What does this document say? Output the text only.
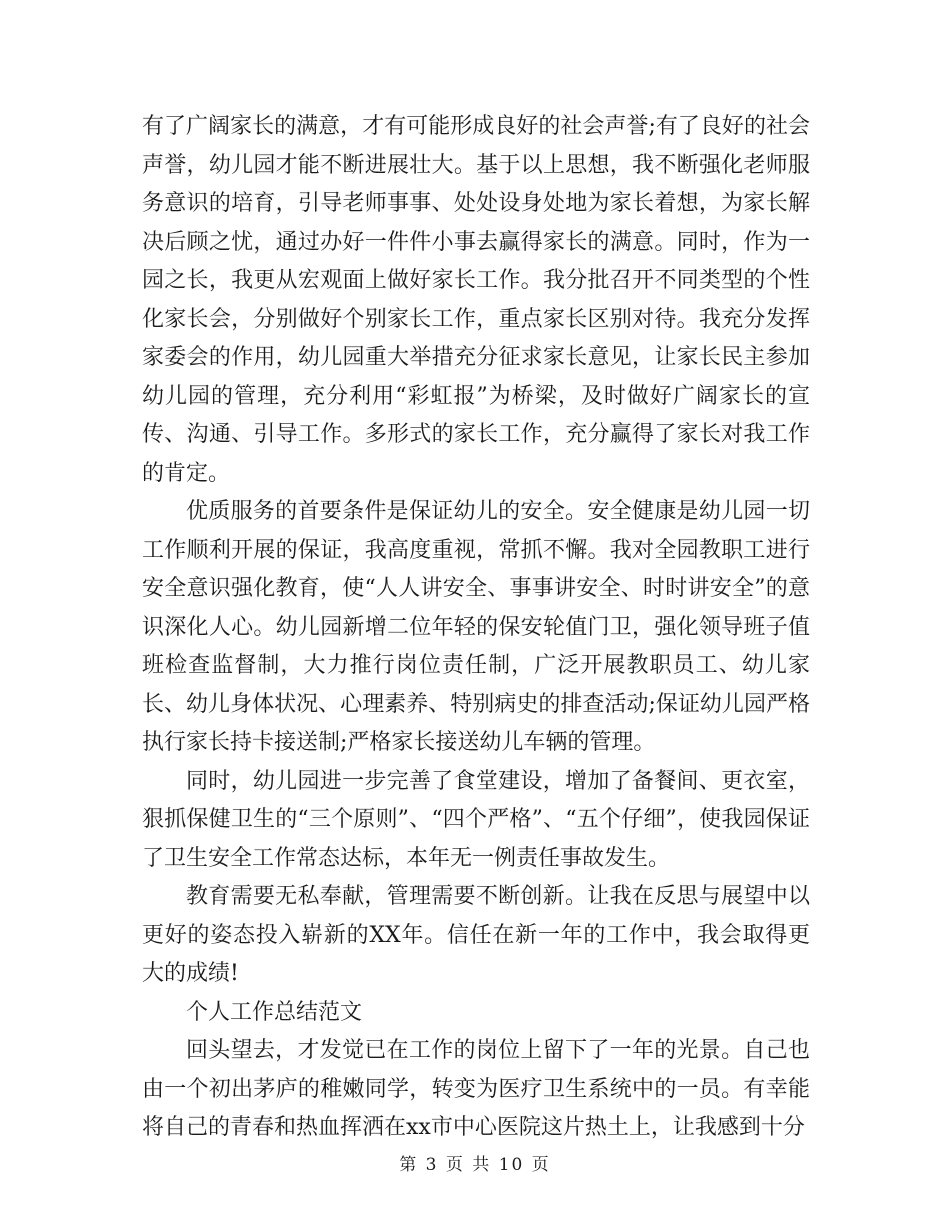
有了广阔家长的满意，才有可能形成良好的社会声誉;有了良好的社会声誉，幼儿园才能不断进展壮大。基于以上思想，我不断强化老师服务意识的培育，引导老师事事、处处设身处地为家长着想，为家长解决后顾之忧，通过办好一件件小事去赢得家长的满意。同时，作为一园之长，我更从宏观面上做好家长工作。我分批召开不同类型的个性化家长会，分别做好个别家长工作，重点家长区别对待。我充分发挥家委会的作用，幼儿园重大举措充分征求家长意见，让家长民主参加幼儿园的管理，充分利用“彩虹报”为桥梁，及时做好广阔家长的宣传、沟通、引导工作。多形式的家长工作，充分赢得了家长对我工作的肯定。

优质服务的首要条件是保证幼儿的安全。安全健康是幼儿园一切工作顺利开展的保证，我高度重视，常抓不懈。我对全园教职工进行安全意识强化教育，使“人人讲安全、事事讲安全、时时讲安全”的意识深化人心。幼儿园新增二位年轻的保安轮值门卫，强化领导班子值班检查监督制，大力推行岗位责任制，广泛开展教职员工、幼儿家长、幼儿身体状况、心理素养、特别病史的排查活动;保证幼儿园严格执行家长持卡接送制;严格家长接送幼儿车辆的管理。

同时，幼儿园进一步完善了食堂建设，增加了备餐间、更衣室，狠抓保健卫生的“三个原则”、“四个严格”、“五个仔细”，使我园保证了卫生安全工作常态达标，本年无一例责任事故发生。

教育需要无私奉献，管理需要不断创新。让我在反思与展望中以更好的姿态投入崭新的XX年。信任在新一年的工作中，我会取得更大的成绩!

个人工作总结范文

回头望去，才发觉已在工作的岗位上留下了一年的光景。自己也由一个初出茅庐的稚嫩同学，转变为医疗卫生系统中的一员。有幸能将自己的青春和热血挥洒在xx市中心医院这片热土上，让我感到十分

第 3 页 共 10 页
